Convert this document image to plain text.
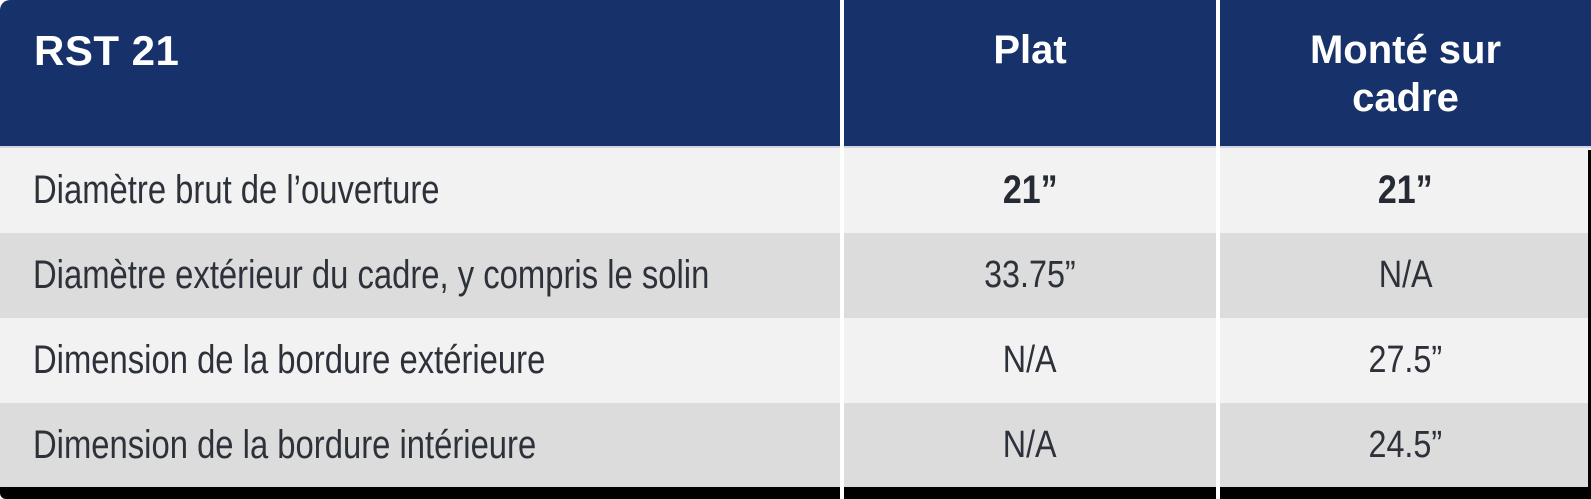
RST 21	Plat	Monté sur cadre
Diamètre brut de l’ouverture	21”	21”
Diamètre extérieur du cadre, y compris le solin	33.75”	N/A
Dimension de la bordure extérieure	N/A	27.5”
Dimension de la bordure intérieure	N/A	24.5”
